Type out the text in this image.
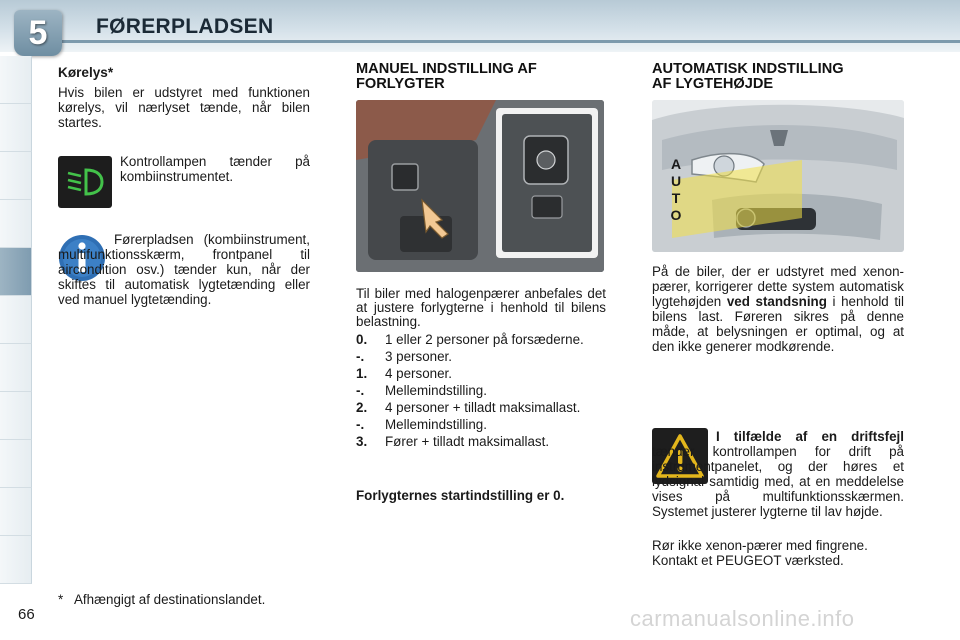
5 FØRERPLADSEN
Kørelys*
Hvis bilen er udstyret med funktionen kørelys, vil nærlyset tænde, når bilen startes.
Kontrollampen tænder på kombiinstrumentet.
Førerpladsen (kombiinstrument, multifunktionsskærm, frontpanel til aircondition osv.) tænder kun, når der skiftes til automatisk lygtetænding eller ved manuel lygtetænding.
MANUEL INDSTILLING AF
FORLYGTER
Til biler med halogenpærer anbefales det at justere forlygterne i henhold til bilens belastning.
0.	1 eller 2 personer på forsæderne.
-.	3 personer.
1.	4 personer.
-.	Mellemindstilling.
2.	4 personer + tilladt maksimallast.
-.	Mellemindstilling.
3.	Fører + tilladt maksimallast.
Forlygternes startindstilling er 0.
AUTOMATISK INDSTILLING
AF LYGTEHØJDE
A
U
T
O
På de biler, der er udstyret med xenon-pærer, korrigerer dette system automatisk lygtehøjden ved standsning i henhold til bilens last. Føreren sikres på denne måde, at belysningen er optimal, og at den ikke generer modkørende.
I tilfælde af en driftsfejl tænder kontrollampen for drift på instrumentpanelet, og der høres et lydsignal samtidig med, at en meddelelse vises på multifunktionsskærmen. Systemet justerer lygterne til lav højde.
Rør ikke xenon-pærer med fingrene. Kontakt et PEUGEOT værksted.
* Afhængigt af destinationslandet.
66	carmanualsonline.info
